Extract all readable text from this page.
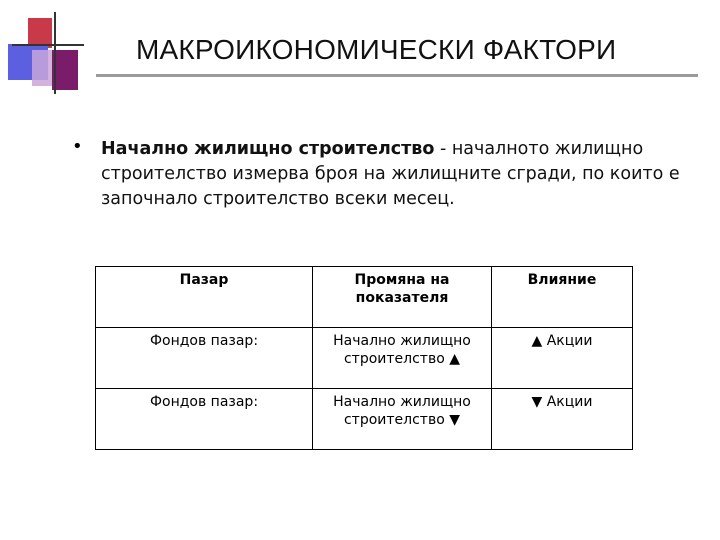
МАКРОИКОНОМИЧЕСКИ ФАКТОРИ
• Начално жилищно строителство - началното жилищно строителство измерва броя на жилищните сгради, по които е започнало строителство всеки месец.
Пазар	Промяна на показателя	Влияние
Фондов пазар:	Начално жилищно строителство ▲	▲ Акции
Фондов пазар:	Начално жилищно строителство ▼	▼ Акции
